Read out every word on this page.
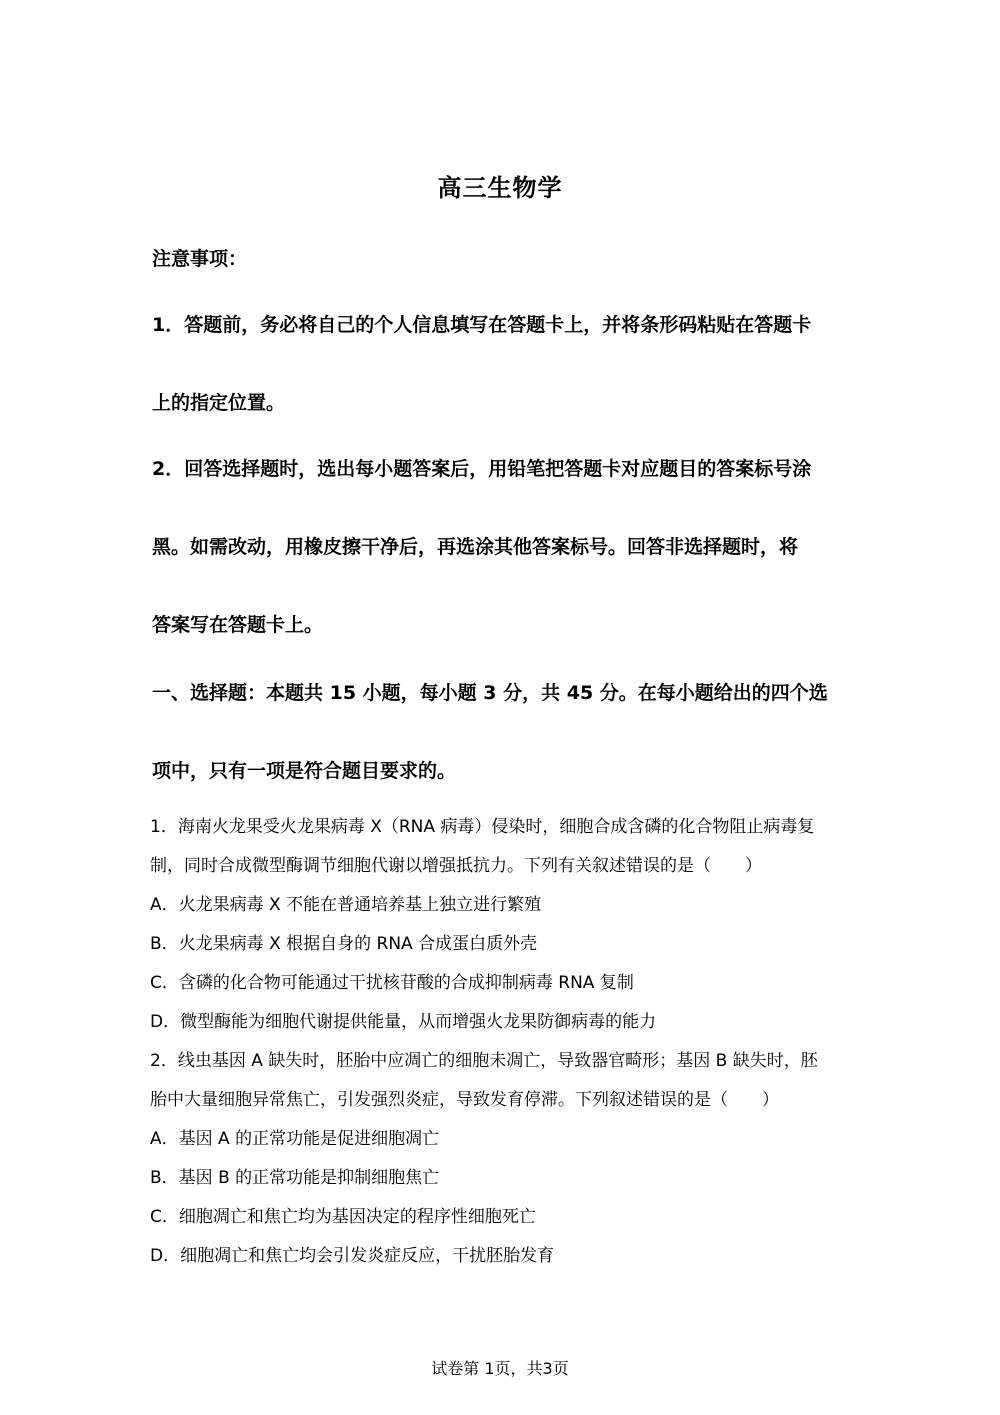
高三生物学
注意事项：
1．答题前，务必将自己的个人信息填写在答题卡上，并将条形码粘贴在答题卡
上的指定位置。
2．回答选择题时，选出每小题答案后，用铅笔把答题卡对应题目的答案标号涂
黑。如需改动，用橡皮擦干净后，再选涂其他答案标号。回答非选择题时，将
答案写在答题卡上。
一、选择题：本题共 15 小题，每小题 3 分，共 45 分。在每小题给出的四个选
项中，只有一项是符合题目要求的。
1．海南火龙果受火龙果病毒 X（RNA 病毒）侵染时，细胞合成含磷的化合物阻止病毒复
制，同时合成微型酶调节细胞代谢以增强抵抗力。下列有关叙述错误的是（　　）
A．火龙果病毒 X 不能在普通培养基上独立进行繁殖
B．火龙果病毒 X 根据自身的 RNA 合成蛋白质外壳
C．含磷的化合物可能通过干扰核苷酸的合成抑制病毒 RNA 复制
D．微型酶能为细胞代谢提供能量，从而增强火龙果防御病毒的能力
2．线虫基因 A 缺失时，胚胎中应凋亡的细胞未凋亡，导致器官畸形；基因 B 缺失时，胚
胎中大量细胞异常焦亡，引发强烈炎症，导致发育停滞。下列叙述错误的是（　　）
A．基因 A 的正常功能是促进细胞凋亡
B．基因 B 的正常功能是抑制细胞焦亡
C．细胞凋亡和焦亡均为基因决定的程序性细胞死亡
D．细胞凋亡和焦亡均会引发炎症反应，干扰胚胎发育
试卷第 1页，共3页
